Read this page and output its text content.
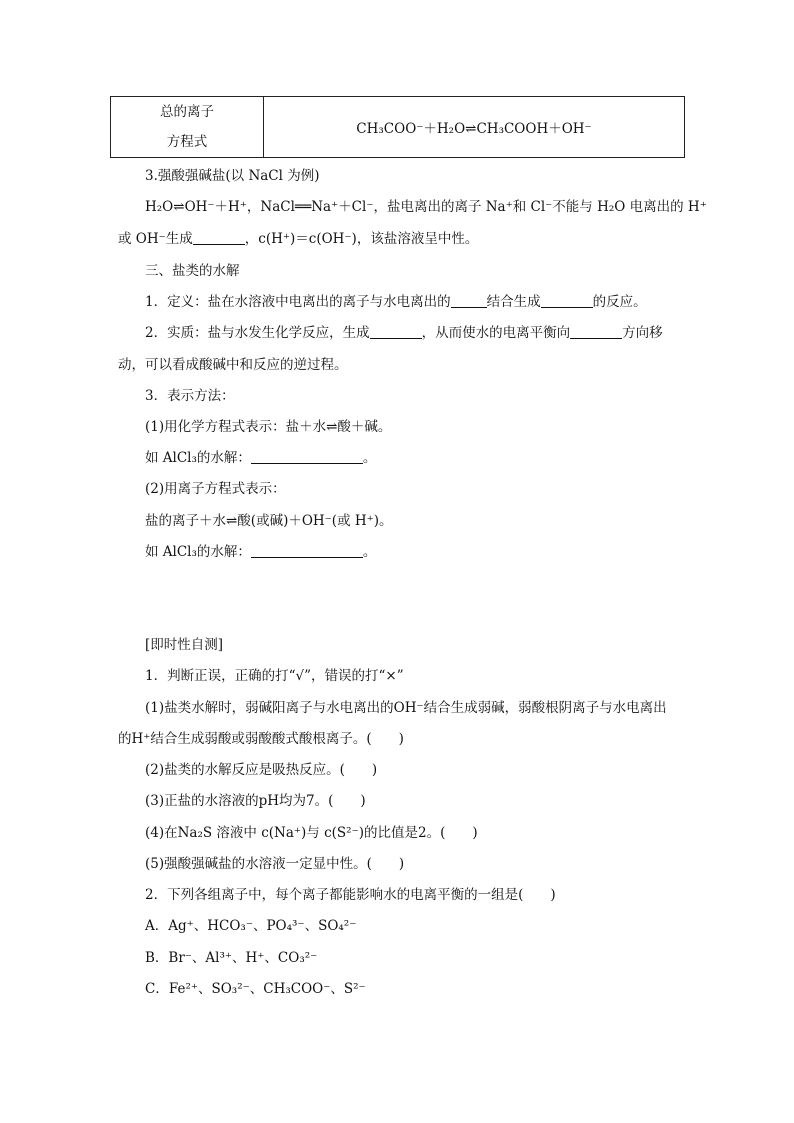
总的离子
方程式
	CH₃COO⁻＋H₂O⇌CH₃COOH＋OH⁻
3.强酸强碱盐(以 NaCl 为例)
H₂O⇌OH⁻＋H⁺，NaCl══Na⁺＋Cl⁻，盐电离出的离子 Na⁺和 Cl⁻不能与 H₂O 电离出的 H⁺
或 OH⁻生成	，c(H⁺)＝c(OH⁻)，该盐溶液呈中性。
三、盐类的水解
1．定义：盐在水溶液中电离出的离子与水电离出的	结合生成	的反应。
2．实质：盐与水发生化学反应，生成	，从而使水的电离平衡向	方向移
动，可以看成酸碱中和反应的逆过程。
3．表示方法：
(1)用化学方程式表示：盐＋水⇌酸＋碱。
如 AlCl₃的水解：	。
(2)用离子方程式表示：
盐的离子＋水⇌酸(或碱)＋OH⁻(或 H⁺)。
如 AlCl₃的水解：	。
[即时性自测]
1．判断正误，正确的打“√”，错误的打“×”
(1)盐类水解时，弱碱阳离子与水电离出的OH⁻结合生成弱碱，弱酸根阴离子与水电离出
的H⁺结合生成弱酸或弱酸酸式酸根离子。(　　)
(2)盐类的水解反应是吸热反应。(　　)
(3)正盐的水溶液的pH均为7。(　　)
(4)在Na₂S 溶液中 c(Na⁺)与 c(S²⁻)的比值是2。(　　)
(5)强酸强碱盐的水溶液一定显中性。(　　)
2．下列各组离子中，每个离子都能影响水的电离平衡的一组是(　　)
A．Ag⁺、HCO₃⁻、PO₄³⁻、SO₄²⁻
B．Br⁻、Al³⁺、H⁺、CO₃²⁻
C．Fe²⁺、SO₃²⁻、CH₃COO⁻、S²⁻
